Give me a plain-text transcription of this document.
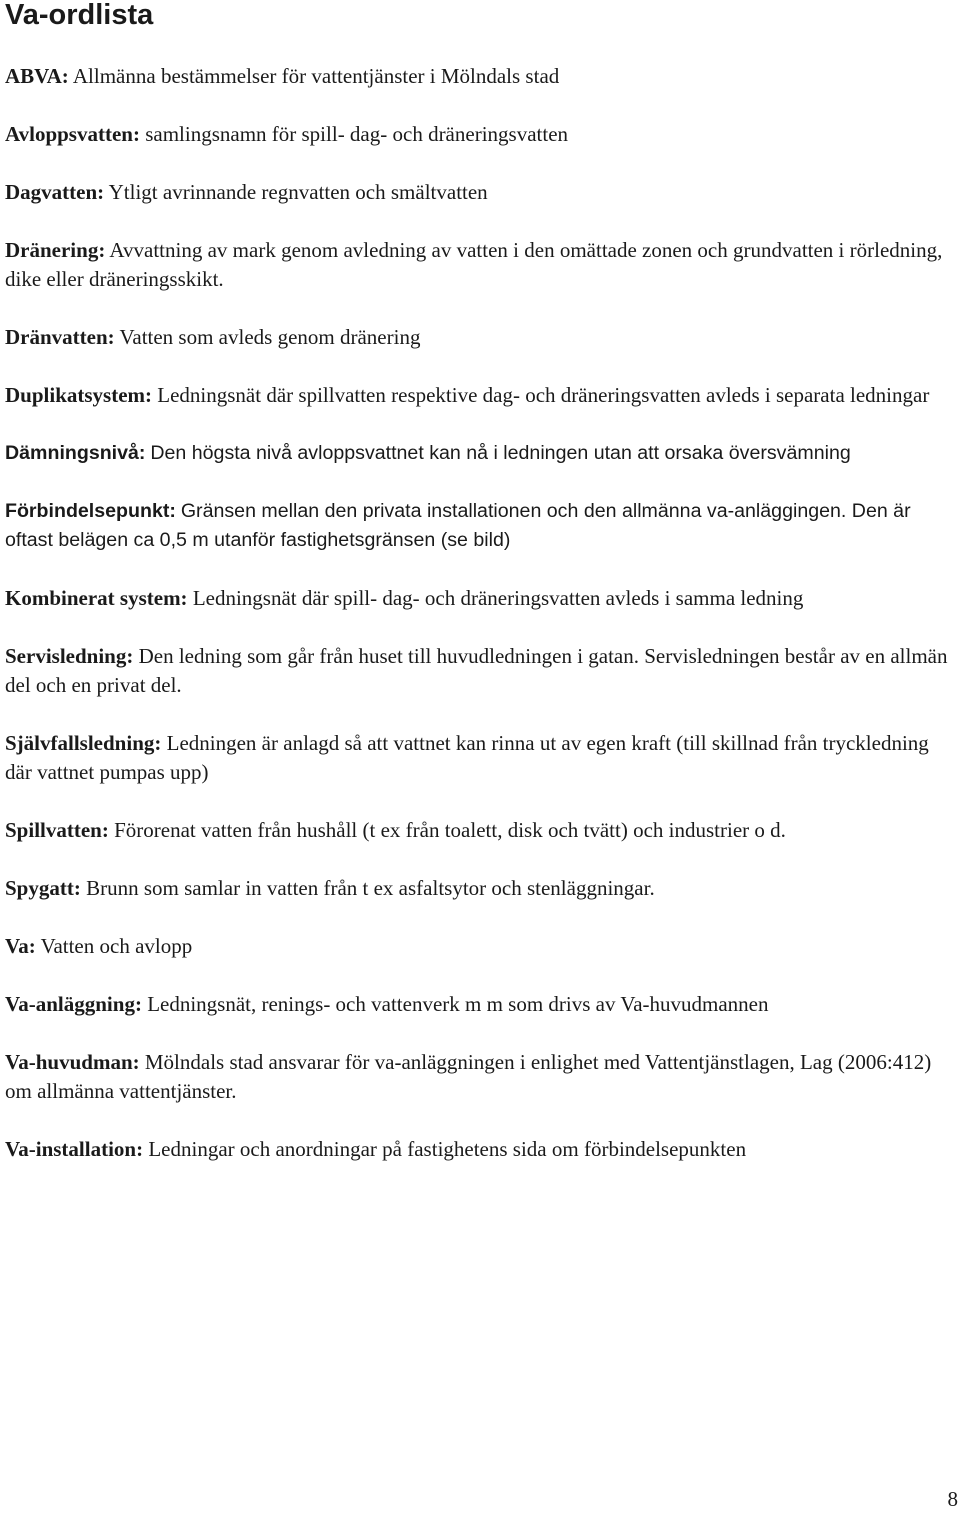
Va-ordlista

ABVA: Allmänna bestämmelser för vattentjänster i Mölndals stad

Avloppsvatten: samlingsnamn för spill- dag- och dräneringsvatten

Dagvatten: Ytligt avrinnande regnvatten och smältvatten

Dränering: Avvattning av mark genom avledning av vatten i den omättade zonen och grundvatten i rörledning, dike eller dräneringsskikt.

Dränvatten: Vatten som avleds genom dränering

Duplikatsystem: Ledningsnät där spillvatten respektive dag- och dräneringsvatten avleds i separata ledningar

Dämningsnivå: Den högsta nivå avloppsvattnet kan nå i ledningen utan att orsaka översvämning

Förbindelsepunkt: Gränsen mellan den privata installationen och den allmänna va-anläggingen. Den är oftast belägen ca 0,5 m utanför fastighetsgränsen (se bild)

Kombinerat system: Ledningsnät där spill- dag- och dräneringsvatten avleds i samma ledning

Servisledning: Den ledning som går från huset till huvudledningen i gatan. Servisledningen består av en allmän del och en privat del.

Självfallsledning: Ledningen är anlagd så att vattnet kan rinna ut av egen kraft (till skillnad från tryckledning där vattnet pumpas upp)

Spillvatten: Förorenat vatten från hushåll (t ex från toalett, disk och tvätt) och industrier o d.

Spygatt: Brunn som samlar in vatten från t ex asfaltsytor och stenläggningar.

Va: Vatten och avlopp

Va-anläggning: Ledningsnät, renings- och vattenverk m m som drivs av Va-huvudmannen

Va-huvudman: Mölndals stad ansvarar för va-anläggningen i enlighet med Vattentjänstlagen, Lag (2006:412) om allmänna vattentjänster.

Va-installation: Ledningar och anordningar på fastighetens sida om förbindelsepunkten

8
